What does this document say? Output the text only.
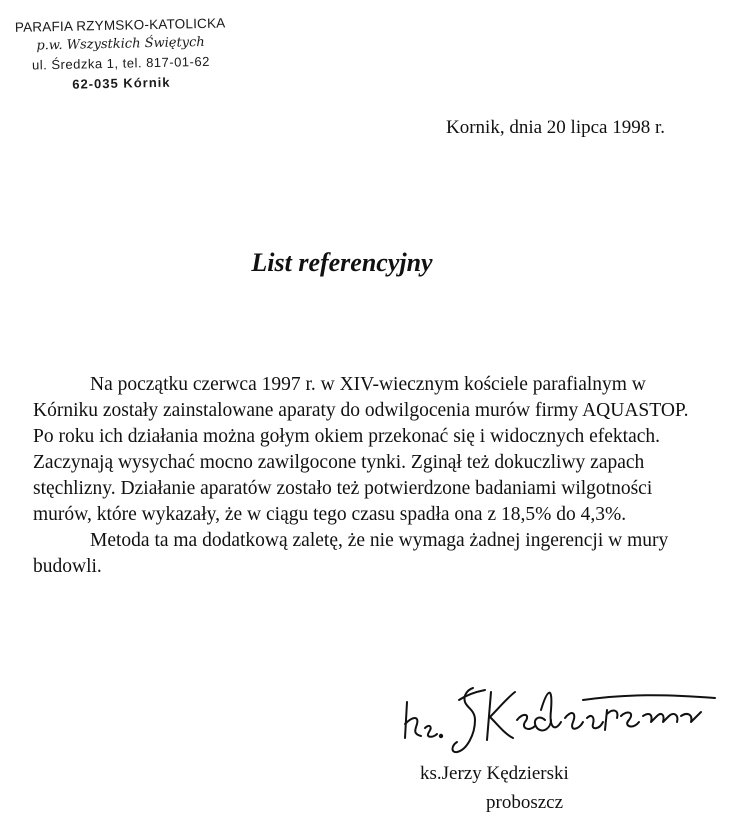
PARAFIA RZYMSKO-KATOLICKA
p.w. Wszystkich Świętych
ul. Średzka 1, tel. 817-01-62
62-035 Kórnik
Kornik, dnia 20 lipca 1998 r.
List referencyjny

Na początku czerwca 1997 r. w XIV-wiecznym kościele parafialnym w Kórniku zostały zainstalowane aparaty do odwilgocenia murów firmy AQUASTOP. Po roku ich działania można gołym okiem przekonać się i widocznych efektach. Zaczynają wysychać mocno zawilgocone tynki. Zginął też dokuczliwy zapach stęchlizny. Działanie aparatów zostało też potwierdzone badaniami wilgotności murów, które wykazały, że w ciągu tego czasu spadła ona z 18,5% do 4,3%.

Metoda ta ma dodatkową zaletę, że nie wymaga żadnej ingerencji w mury budowli.

ks.Jerzy Kędzierski
proboszcz
